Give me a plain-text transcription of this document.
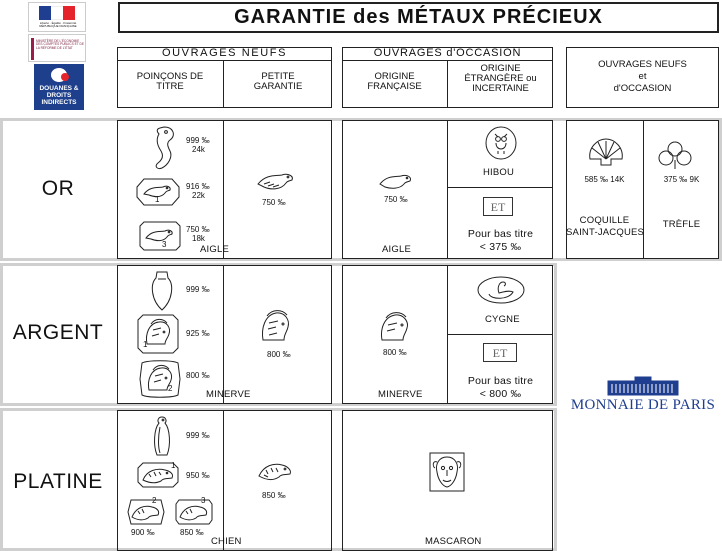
Liberté · Égalité · Fraternité RÉPUBLIQUE FRANÇAISE
MINISTÈRE DE L'ÉCONOMIE DES COMPTES PUBLICS ET DE LA RÉFORME DE L'ÉTAT
DOUANES & DROITS INDIRECTS
GARANTIE des MÉTAUX PRÉCIEUX
OUVRAGES NEUFS
POINÇONS DE TITRE
PETITE GARANTIE
OUVRAGES d'OCCASION
ORIGINE FRANÇAISE
ORIGINE ÉTRANGÈRE ou INCERTAINE
OUVRAGES NEUFS
et
d'OCCASION
OR
999 ‰
24k
1
916 ‰
22k
3
750 ‰
18k
AIGLE
750 ‰	750 ‰
AIGLE
HIBOU
ET
Pour bas titre
< 375 ‰
585 ‰ 14K
COQUILLE
SAINT-JACQUES
375 ‰ 9K
TRÈFLE
ARGENT
999 ‰
1
925 ‰
2
800 ‰
MINERVE
800 ‰	800 ‰
MINERVE
CYGNE
ET
Pour bas titre
< 800 ‰
PLATINE
999 ‰
1
950 ‰
2
900 ‰
3
850 ‰
CHIEN
850 ‰
MASCARON
MONNAIE DE PARIS
